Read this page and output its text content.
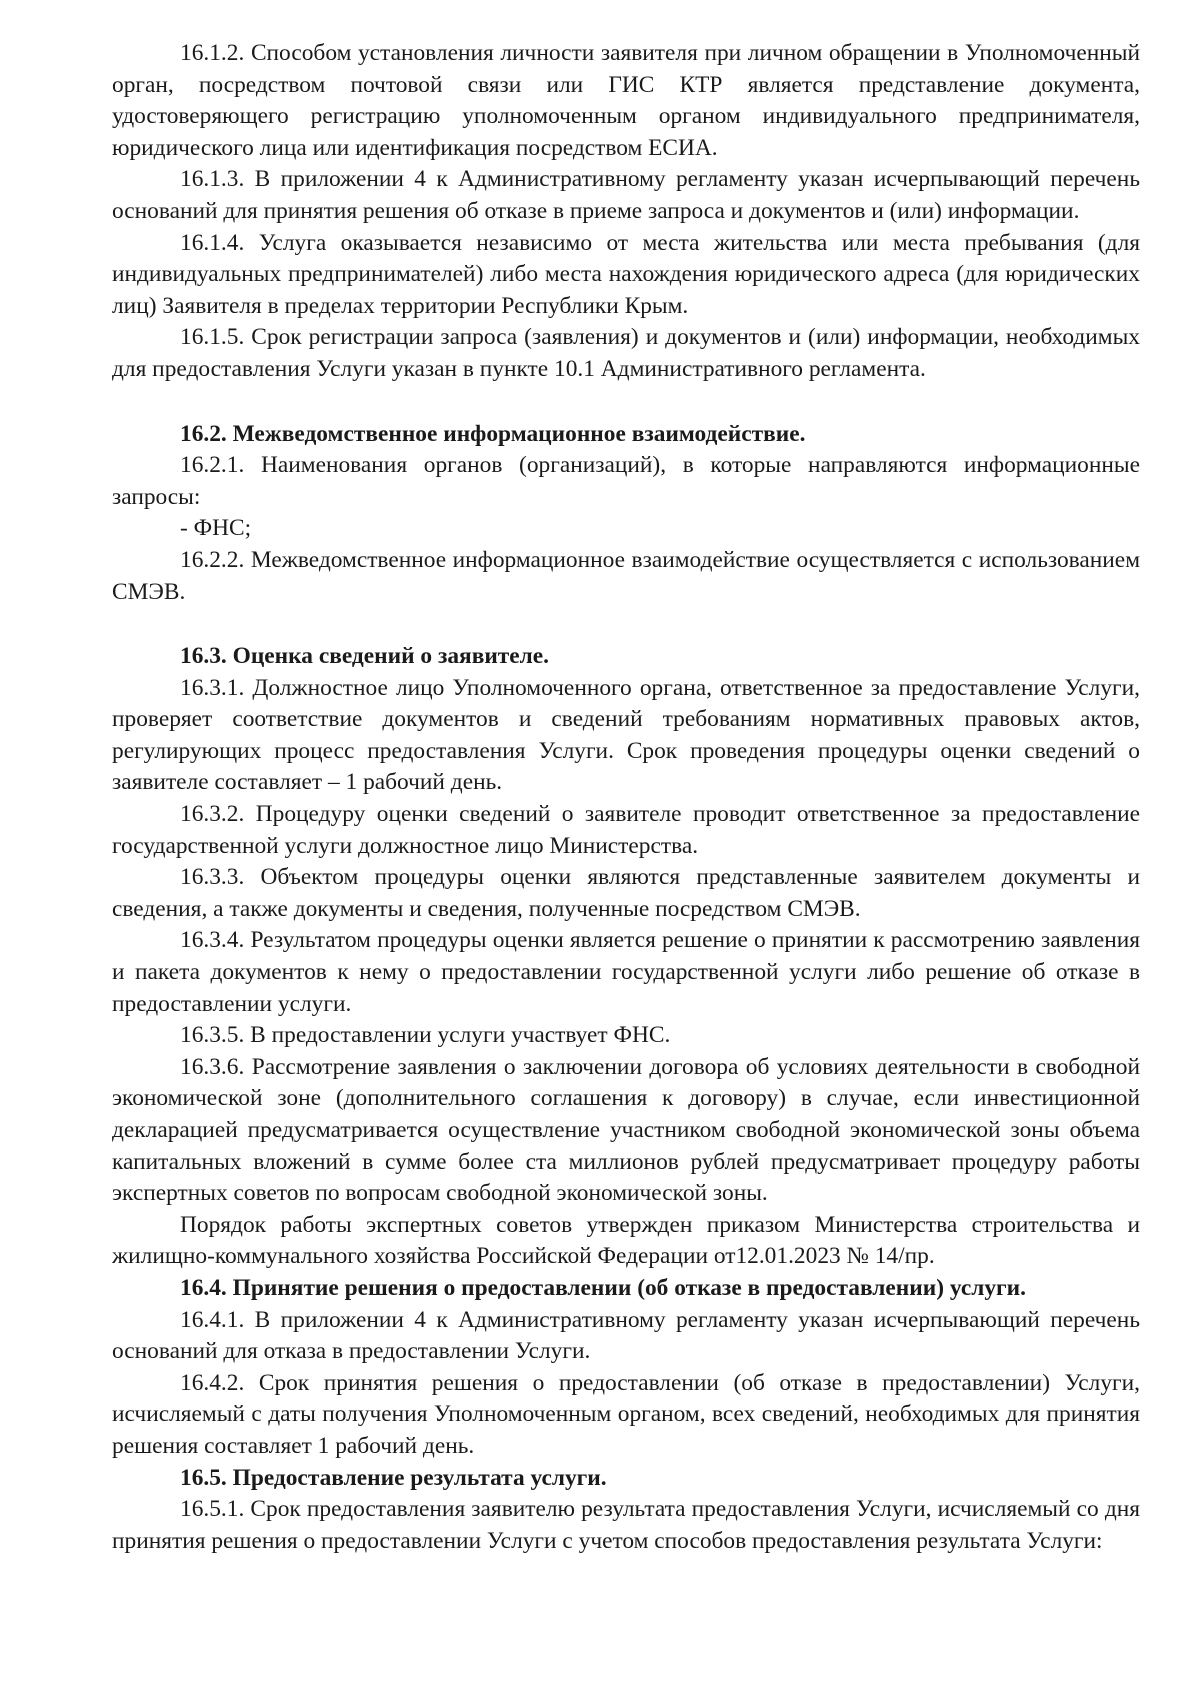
16.1.2. Способом установления личности заявителя при личном обращении в Уполномоченный орган, посредством почтовой связи или ГИС КТР является представление документа, удостоверяющего регистрацию уполномоченным органом индивидуального предпринимателя, юридического лица или идентификация посредством ЕСИА.

16.1.3. В приложении 4 к Административному регламенту указан исчерпывающий перечень оснований для принятия решения об отказе в приеме запроса и документов и (или) информации.

16.1.4. Услуга оказывается независимо от места жительства или места пребывания (для индивидуальных предпринимателей) либо места нахождения юридического адреса (для юридических лиц) Заявителя в пределах территории Республики Крым.

16.1.5. Срок регистрации запроса (заявления) и документов и (или) информации, необходимых для предоставления Услуги указан в пункте 10.1 Административного регламента.

16.2. Межведомственное информационное взаимодействие.

16.2.1. Наименования органов (организаций), в которые направляются информационные запросы:

- ФНС;

16.2.2. Межведомственное информационное взаимодействие осуществляется с использованием СМЭВ.

16.3. Оценка сведений о заявителе.

16.3.1. Должностное лицо Уполномоченного органа, ответственное за предоставление Услуги, проверяет соответствие документов и сведений требованиям нормативных правовых актов, регулирующих процесс предоставления Услуги. Срок проведения процедуры оценки сведений о заявителе составляет – 1 рабочий день.

16.3.2. Процедуру оценки сведений о заявителе проводит ответственное за предоставление государственной услуги должностное лицо Министерства.

16.3.3. Объектом процедуры оценки являются представленные заявителем документы и сведения, а также документы и сведения, полученные посредством СМЭВ.

16.3.4. Результатом процедуры оценки является решение о принятии к рассмотрению заявления и пакета документов к нему о предоставлении государственной услуги либо решение об отказе в предоставлении услуги.

16.3.5. В предоставлении услуги участвует ФНС.

16.3.6. Рассмотрение заявления о заключении договора об условиях деятельности в свободной экономической зоне (дополнительного соглашения к договору) в случае, если инвестиционной декларацией предусматривается осуществление участником свободной экономической зоны объема капитальных вложений в сумме более ста миллионов рублей предусматривает процедуру работы экспертных советов по вопросам свободной экономической зоны.

Порядок работы экспертных советов утвержден приказом Министерства строительства и жилищно-коммунального хозяйства Российской Федерации от12.01.2023 № 14/пр.

16.4. Принятие решения о предоставлении (об отказе в предоставлении) услуги.

16.4.1. В приложении 4 к Административному регламенту указан исчерпывающий перечень оснований для отказа в предоставлении Услуги.

16.4.2. Срок принятия решения о предоставлении (об отказе в предоставлении) Услуги, исчисляемый с даты получения Уполномоченным органом, всех сведений, необходимых для принятия решения составляет 1 рабочий день.

16.5. Предоставление результата услуги.

16.5.1. Срок предоставления заявителю результата предоставления Услуги, исчисляемый со дня принятия решения о предоставлении Услуги с учетом способов предоставления результата Услуги:
